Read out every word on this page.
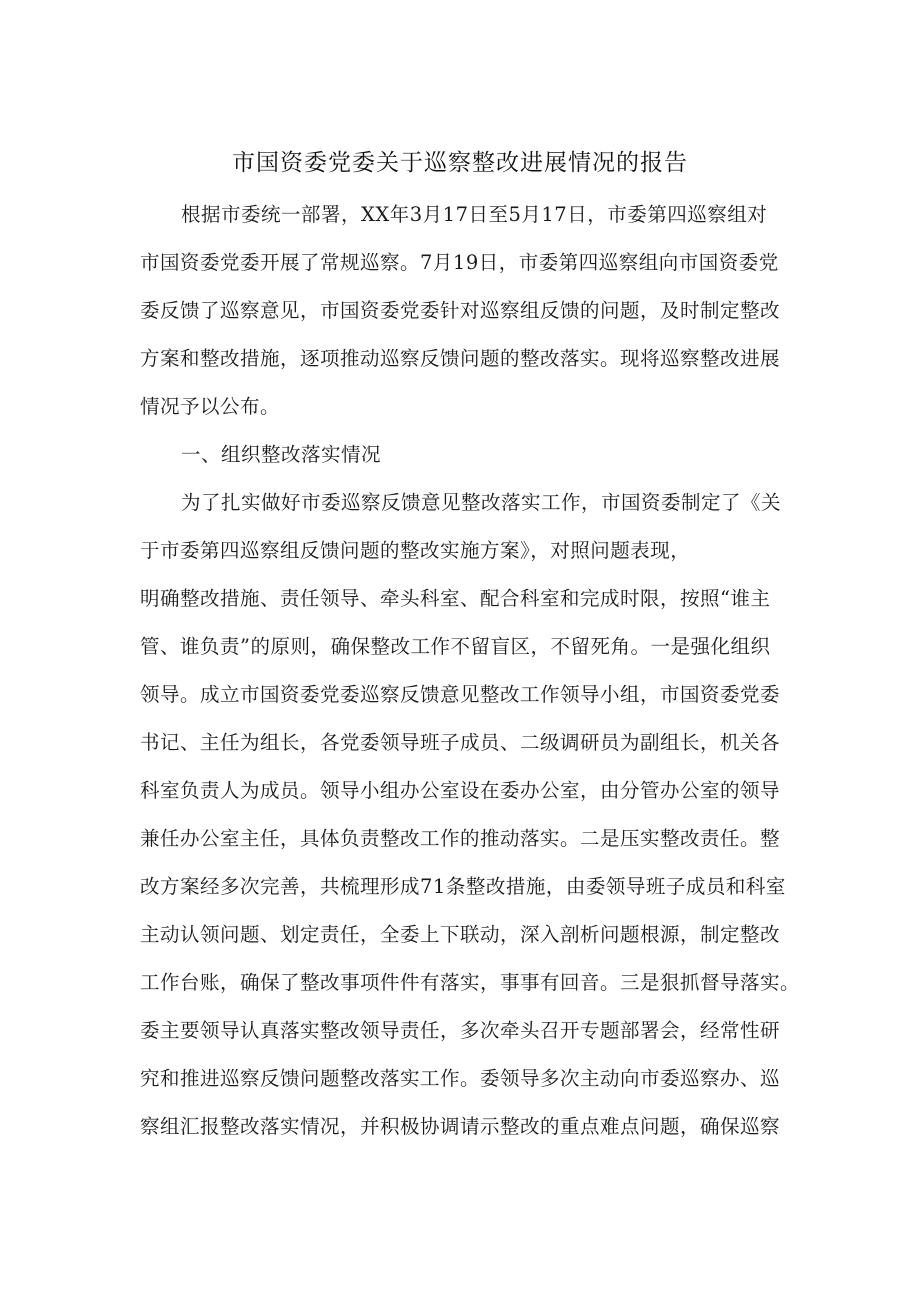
市国资委党委关于巡察整改进展情况的报告
根据市委统一部署，XX年3月17日至5月17日，市委第四巡察组对
市国资委党委开展了常规巡察。7月19日，市委第四巡察组向市国资委党
委反馈了巡察意见，市国资委党委针对巡察组反馈的问题，及时制定整改
方案和整改措施，逐项推动巡察反馈问题的整改落实。现将巡察整改进展
情况予以公布。
一、组织整改落实情况
为了扎实做好市委巡察反馈意见整改落实工作，市国资委制定了《关
于市委第四巡察组反馈问题的整改实施方案》，对照问题表现，
明确整改措施、责任领导、牵头科室、配合科室和完成时限，按照“谁主
管、谁负责”的原则，确保整改工作不留盲区，不留死角。一是强化组织
领导。成立市国资委党委巡察反馈意见整改工作领导小组，市国资委党委
书记、主任为组长，各党委领导班子成员、二级调研员为副组长，机关各
科室负责人为成员。领导小组办公室设在委办公室，由分管办公室的领导
兼任办公室主任，具体负责整改工作的推动落实。二是压实整改责任。整
改方案经多次完善，共梳理形成71条整改措施，由委领导班子成员和科室
主动认领问题、划定责任，全委上下联动，深入剖析问题根源，制定整改
工作台账，确保了整改事项件件有落实，事事有回音。三是狠抓督导落实。
委主要领导认真落实整改领导责任，多次牵头召开专题部署会，经常性研
究和推进巡察反馈问题整改落实工作。委领导多次主动向市委巡察办、巡
察组汇报整改落实情况，并积极协调请示整改的重点难点问题，确保巡察
